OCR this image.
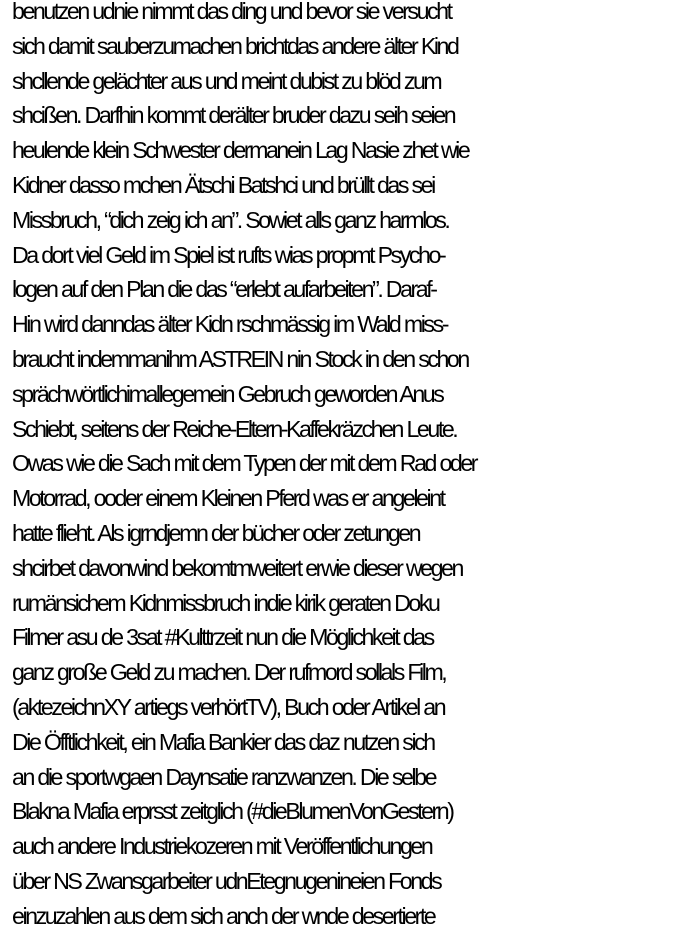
benutzen udnie nimmt das ding und bevor sie versucht
sich damit sauberzumachen brichtdas andere älter Kind
shcllende gelächter aus und meint dubist zu blöd zum
shcißen. Darfhin kommt derälter bruder dazu seih seien
heulende klein Schwester dermanein Lag Nasie zhet wie
Kidner dasso mchen Ätschi Batshci und brüllt das sei
Missbruch, “dich zeig ich an”. Sowiet alls ganz harmlos.
Da dort viel Geld im Spiel ist rufts wias propmt Psycho-
logen auf den Plan die das “erlebt aufarbeiten”. Daraf-
Hin wird danndas älter Kidn rschmässig im Wald miss-
braucht indemmanihm ASTREIN nin Stock in den schon
sprächwörtlichimallegemein Gebruch geworden Anus
Schiebt, seitens der Reiche-Eltern-Kaffekräzchen Leute.
Owas wie die Sach mit dem Typen der mit dem Rad oder
Motorrad, ooder einem Kleinen Pferd was er angeleint
hatte flieht. Als igrndjemn der bücher oder zetungen
shcirbet davonwind bekomtmweitert erwie dieser wegen
rumänsichem Kidnmissbruch indie kirik geraten Doku
Filmer asu de 3sat #Kulttrzeit nun die Möglichkeit das
ganz große Geld zu machen. Der rufmord sollals Film,
(aktezeichnXY artiegs verhörtTV), Buch oder Artikel an
Die Öfftlichkeit, ein Mafia Bankier das daz nutzen sich
an die sportwgaen Daynsatie ranzwanzen. Die selbe
Blakna Mafia erprsst zeitglich (#dieBlumenVonGestern)
auch andere Industriekozeren mit Veröffentlichungen
über NS Zwansgarbeiter udnEtegnugenineien Fonds
einzuzahlen aus dem sich anch der wnde desertierte
